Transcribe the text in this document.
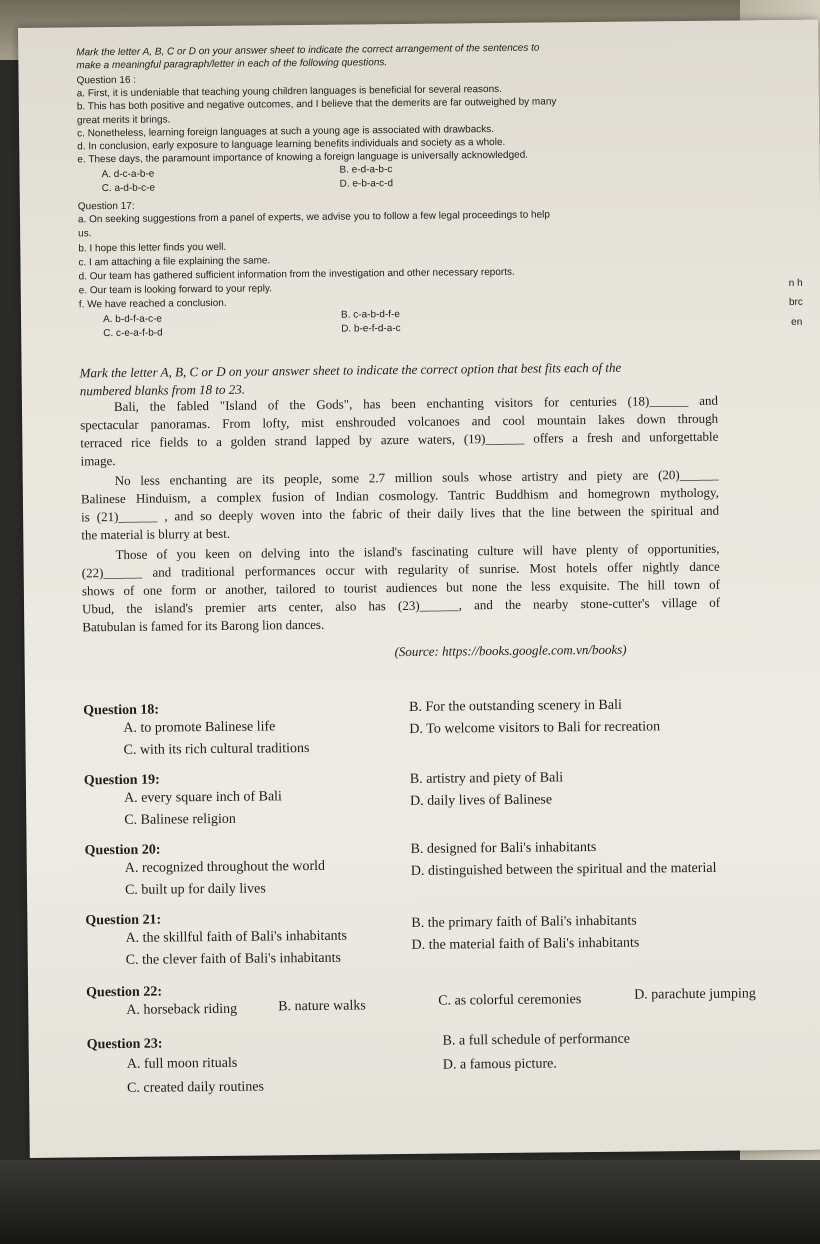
Mark the letter A, B, C or D on your answer sheet to indicate the correct arrangement of the sentences to
make a meaningful paragraph/letter in each of the following questions.
Question 16 :
a. First, it is undeniable that teaching young children languages is beneficial for several reasons.
b. This has both positive and negative outcomes, and I believe that the demerits are far outweighed by many
great merits it brings.
c. Nonetheless, learning foreign languages at such a young age is associated with drawbacks.
d. In conclusion, early exposure to language learning benefits individuals and society as a whole.
e. These days, the paramount importance of knowing a foreign language is universally acknowledged.
A. d-c-a-b-e	B. e-d-a-b-c
C. a-d-b-c-e	D. e-b-a-c-d
Question 17:
a. On seeking suggestions from a panel of experts, we advise you to follow a few legal proceedings to help
us.
b. I hope this letter finds you well.
c. I am attaching a file explaining the same.
d. Our team has gathered sufficient information from the investigation and other necessary reports.
e. Our team is looking forward to your reply.
f. We have reached a conclusion.
A. b-d-f-a-c-e	B. c-a-b-d-f-e
C. c-e-a-f-b-d	D. b-e-f-d-a-c
n h
brc
en
Mark the letter A, B, C or D on your answer sheet to indicate the correct option that best fits each of the
numbered blanks from 18 to 23.
Bali, the fabled "Island of the Gods", has been enchanting visitors for centuries (18)______ and
spectacular panoramas. From lofty, mist enshrouded volcanoes and cool mountain lakes down through
terraced rice fields to a golden strand lapped by azure waters, (19)______ offers a fresh and unforgettable
image.
No less enchanting are its people, some 2.7 million souls whose artistry and piety are (20)______
Balinese Hinduism, a complex fusion of Indian cosmology. Tantric Buddhism and homegrown mythology,
is (21)______ , and so deeply woven into the fabric of their daily lives that the line between the spiritual and
the material is blurry at best.
Those of you keen on delving into the island's fascinating culture will have plenty of opportunities,
(22)______ and traditional performances occur with regularity of sunrise. Most hotels offer nightly dance
shows of one form or another, tailored to tourist audiences but none the less exquisite. The hill town of
Ubud, the island's premier arts center, also has (23)______, and the nearby stone-cutter's village of
Batubulan is famed for its Barong lion dances.
(Source: https://books.google.com.vn/books)
Question 18:
A. to promote Balinese life
B. For the outstanding scenery in Bali
C. with its rich cultural traditions
D. To welcome visitors to Bali for recreation
Question 19:
A. every square inch of Bali
B. artistry and piety of Bali
C. Balinese religion
D. daily lives of Balinese
Question 20:
A. recognized throughout the world
B. designed for Bali's inhabitants
C. built up for daily lives
D. distinguished between the spiritual and the material
Question 21:
A. the skillful faith of Bali's inhabitants
B. the primary faith of Bali's inhabitants
C. the clever faith of Bali's inhabitants
D. the material faith of Bali's inhabitants
Question 22:
A. horseback riding	B. nature walks	C. as colorful ceremonies	D. parachute jumping
Question 23:
A. full moon rituals
B. a full schedule of performance
C. created daily routines
D. a famous picture.
